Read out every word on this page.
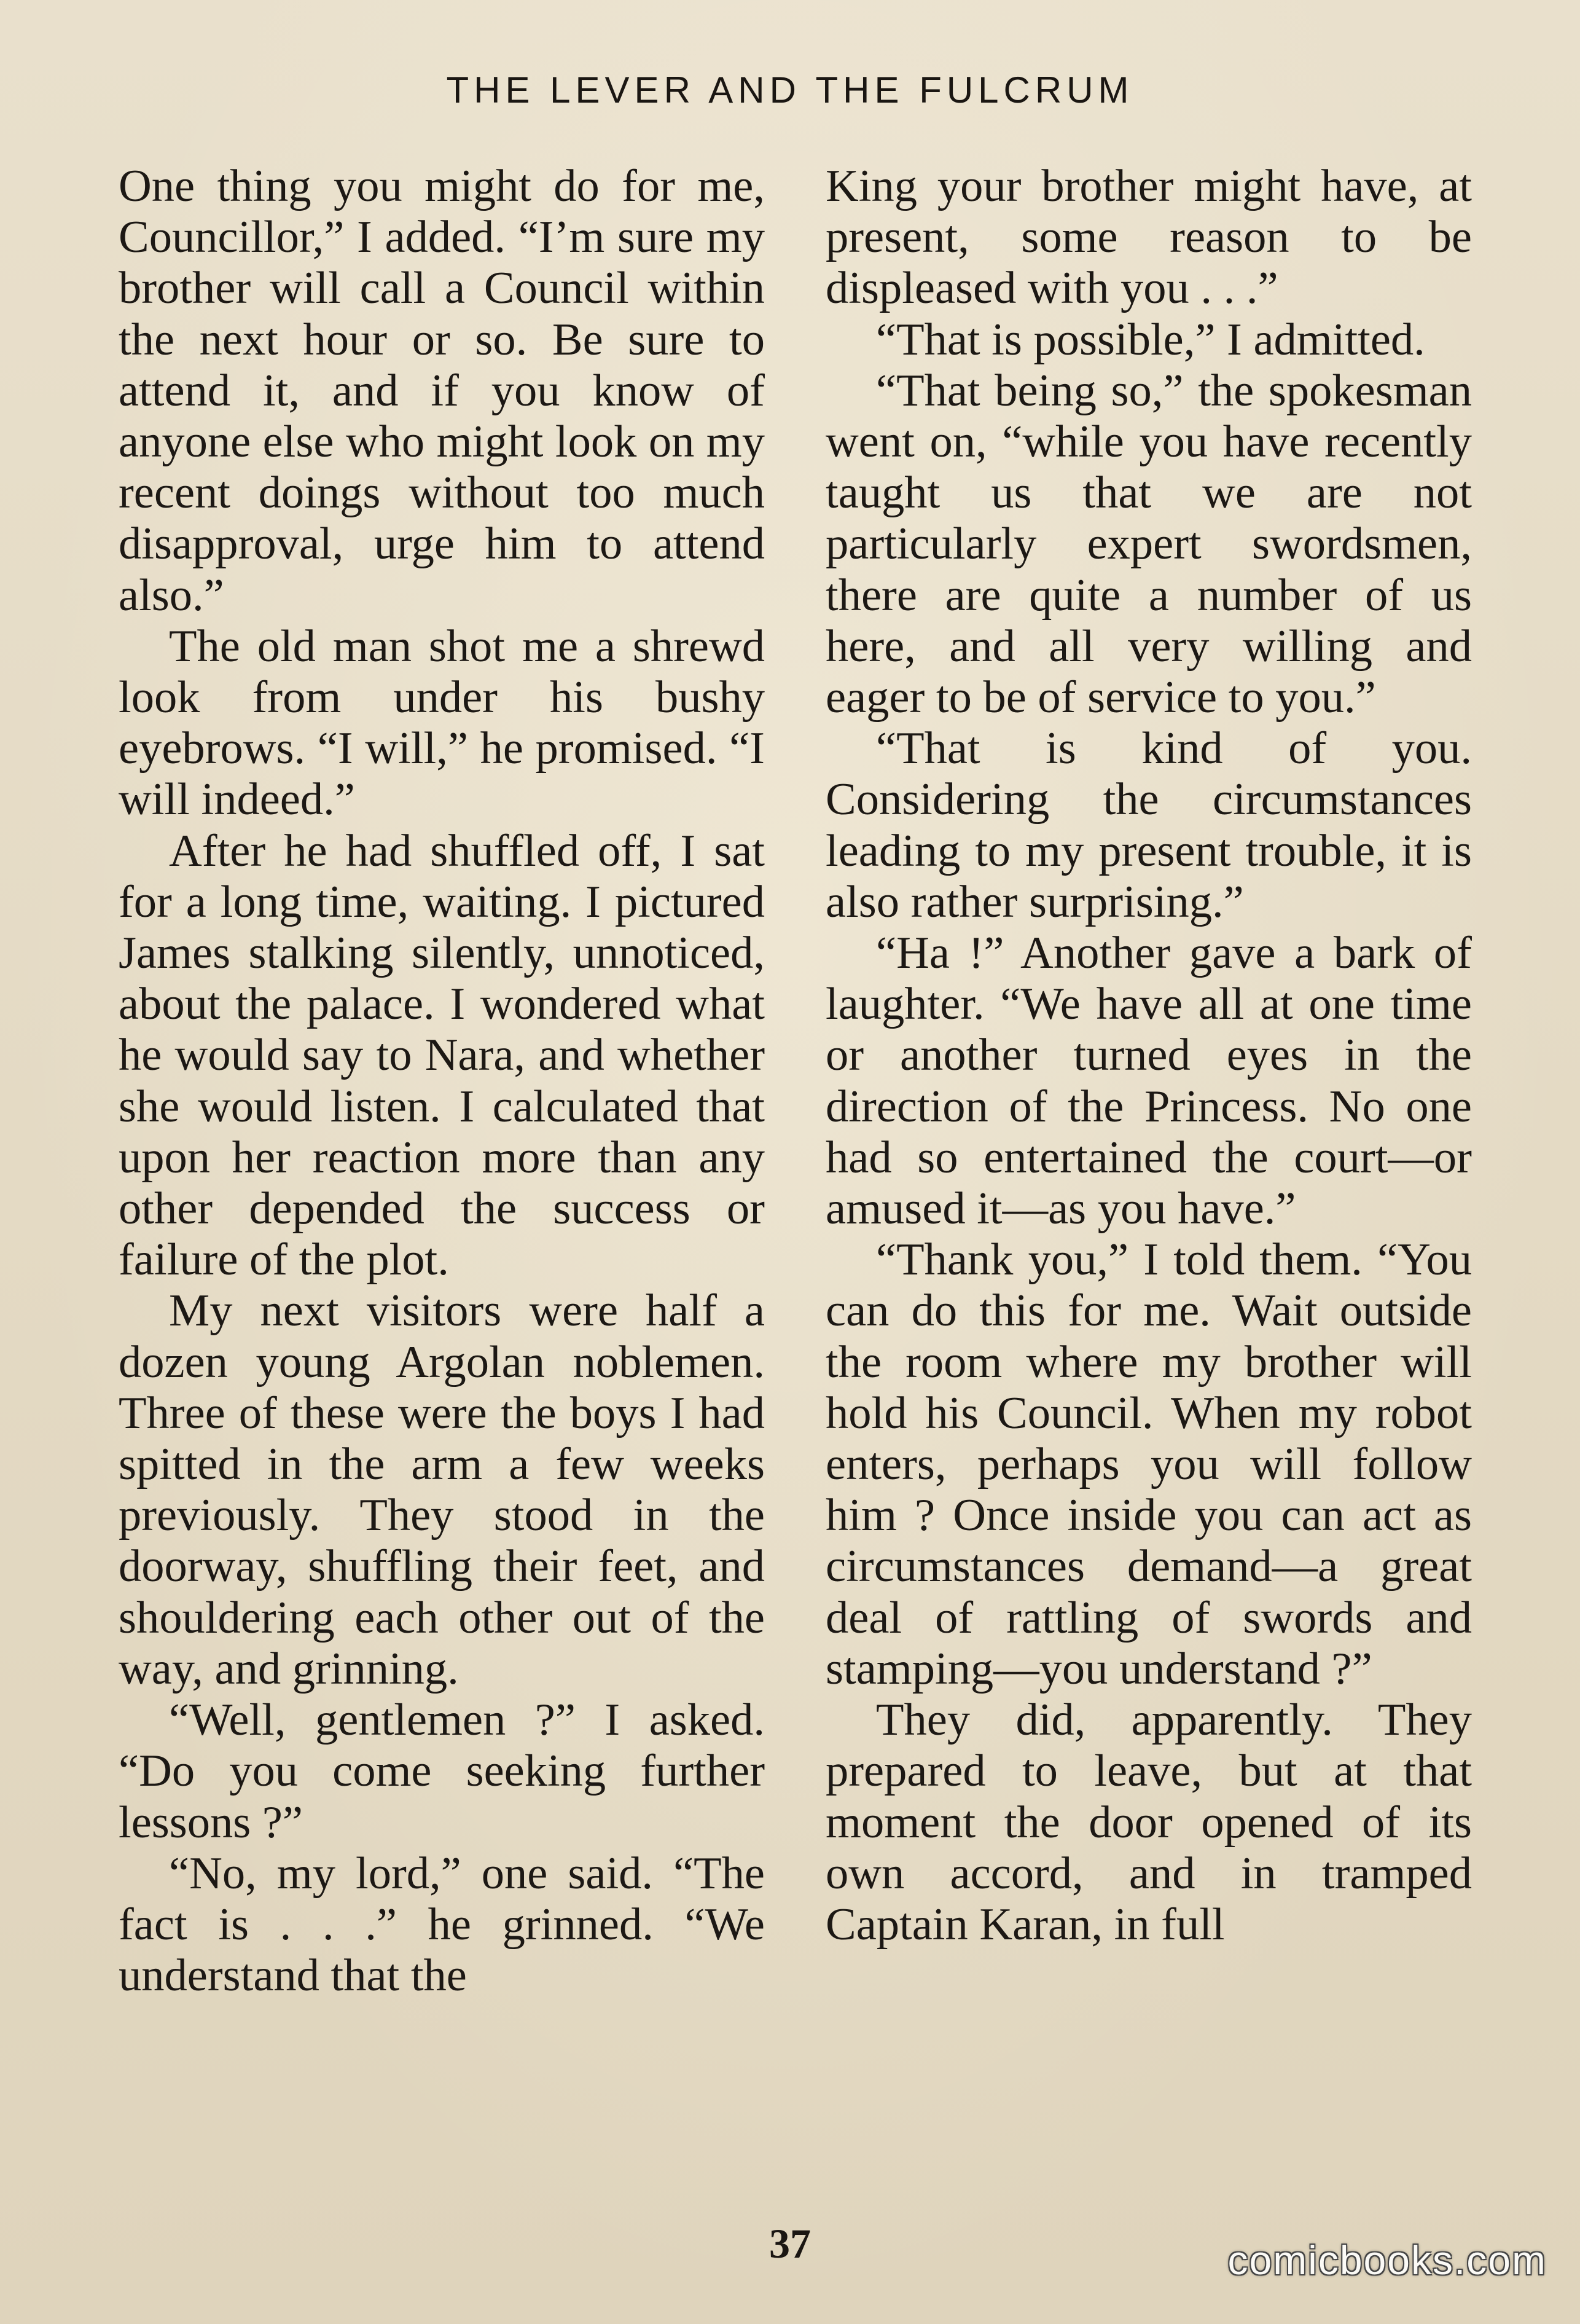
THE LEVER AND THE FULCRUM

One thing you might do for me, Councillor,” I added. “I’m sure my brother will call a Council within the next hour or so. Be sure to attend it, and if you know of anyone else who might look on my recent doings without too much disapproval, urge him to attend also.”

The old man shot me a shrewd look from under his bushy eyebrows. “I will,” he promised. “I will indeed.”

After he had shuffled off, I sat for a long time, waiting. I pictured James stalking silently, unnoticed, about the palace. I wondered what he would say to Nara, and whether she would listen. I calculated that upon her reaction more than any other depended the success or failure of the plot.

My next visitors were half a dozen young Argolan noblemen. Three of these were the boys I had spitted in the arm a few weeks previously. They stood in the doorway, shuffling their feet, and shouldering each other out of the way, and grinning.

“Well, gentlemen ?” I asked. “Do you come seeking further lessons ?”

“No, my lord,” one said. “The fact is . . .” he grinned. “We understand that the

King your brother might have, at present, some reason to be displeased with you . . .”

“That is possible,” I admitted.

“That being so,” the spokesman went on, “while you have recently taught us that we are not particularly expert swordsmen, there are quite a number of us here, and all very willing and eager to be of service to you.”

“That is kind of you. Considering the circumstances leading to my present trouble, it is also rather surprising.”

“Ha !” Another gave a bark of laughter. “We have all at one time or another turned eyes in the direction of the Princess. No one had so entertained the court—or amused it—as you have.”

“Thank you,” I told them. “You can do this for me. Wait outside the room where my brother will hold his Council. When my robot enters, perhaps you will follow him ? Once inside you can act as circumstances demand—a great deal of rattling of swords and stamping—you understand ?”

They did, apparently. They prepared to leave, but at that moment the door opened of its own accord, and in tramped Captain Karan, in full

37	comicbooks.com
